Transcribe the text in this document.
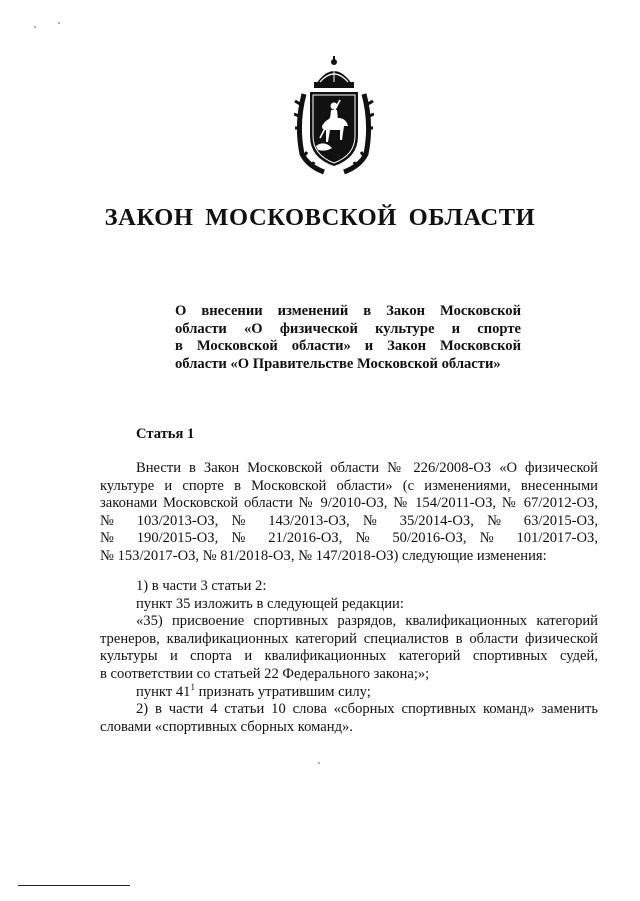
ЗАКОН МОСКОВСКОЙ ОБЛАСТИ
О внесении изменений в Закон Московской
области «О физической культуре и спорте
в Московской области» и Закон Московской
области «О Правительстве Московской области»
Статья 1
Внести в Закон Московской области № 226/2008-ОЗ «О физической
культуре и спорте в Московской области» (с изменениями, внесенными
законами Московской области № 9/2010-ОЗ, № 154/2011-ОЗ, № 67/2012-ОЗ,
№ 103/2013-ОЗ, № 143/2013-ОЗ, № 35/2014-ОЗ, № 63/2015-ОЗ,
№ 190/2015-ОЗ, № 21/2016-ОЗ, № 50/2016-ОЗ, № 101/2017-ОЗ,
№ 153/2017-ОЗ, № 81/2018-ОЗ, № 147/2018-ОЗ) следующие изменения:
1) в части 3 статьи 2:
пункт 35 изложить в следующей редакции:
«35) присвоение спортивных разрядов, квалификационных категорий
тренеров, квалификационных категорий специалистов в области физической
культуры и спорта и квалификационных категорий спортивных судей,
в соответствии со статьей 22 Федерального закона;»;
пункт $41^1$ признать утратившим силу;
2) в части 4 статьи 10 слова «сборных спортивных команд» заменить
словами «спортивных сборных команд».
